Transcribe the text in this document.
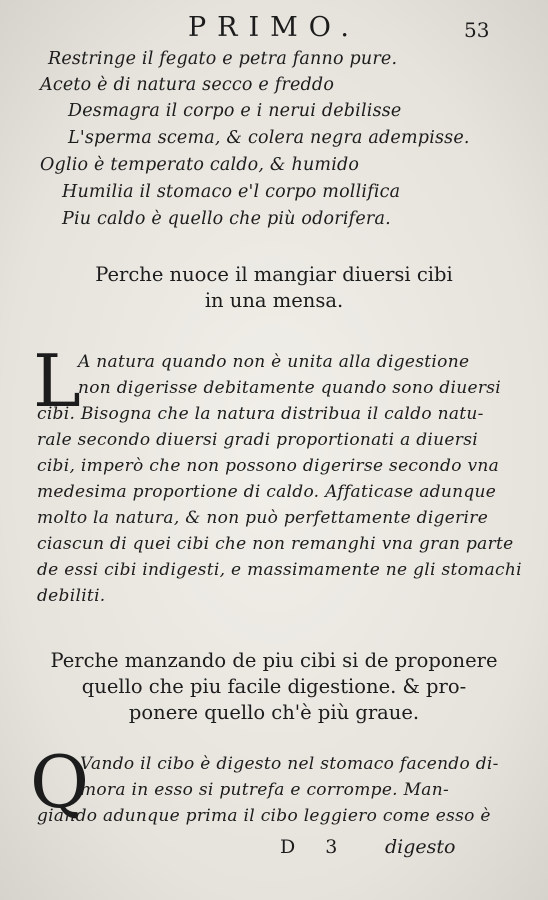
PRIMO.	53
Restringe il fegato e petra fanno pure.
Aceto è di natura secco e freddo
Desmagra il corpo e i nerui debilisse
L'sperma scema, & colera negra adempisse.
Oglio è temperato caldo, & humido
Humilia il stomaco e'l corpo mollifica
Piu caldo è quello che più odorifera.
Perche nuoce il mangiar diuersi cibi
in una mensa.
L
A natura quando non è unita alla digestione
non digerisse debitamente quando sono diuersi
cibi. Bisogna che la natura distribua il caldo natu-
rale secondo diuersi gradi proportionati a diuersi
cibi, imperò che non possono digerirse secondo vna
medesima proportione di caldo. Affaticase adunque
molto la natura, & non può perfettamente digerire
ciascun di quei cibi che non remanghi vna gran parte
de essi cibi indigesti, e massimamente ne gli stomachi
debiliti.
Perche manzando de piu cibi si de proponere
quello che piu facile digestione. & pro-
ponere quello ch'è più graue.
Q
Vando il cibo è digesto nel stomaco facendo di-
mora in esso si putrefa e corrompe. Man-
giando adunque prima il cibo leggiero come esso è
D 3 digesto
